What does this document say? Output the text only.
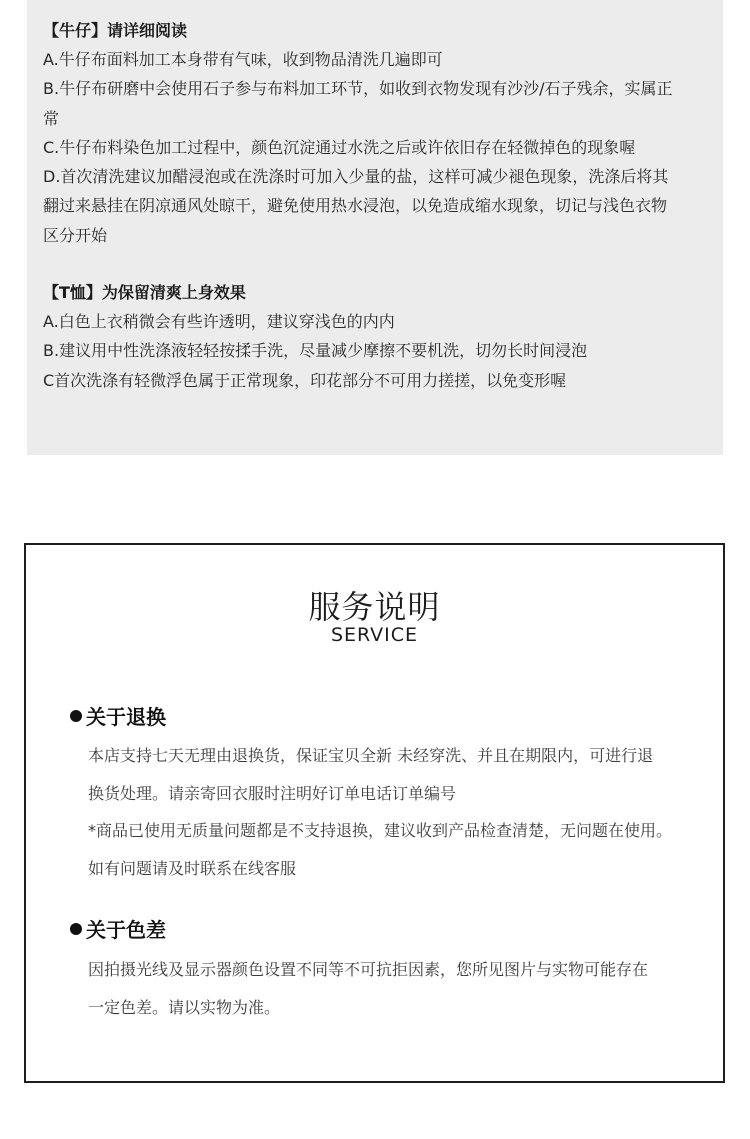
【牛仔】请详细阅读
A.牛仔布面料加工本身带有气味，收到物品清洗几遍即可
B.牛仔布研磨中会使用石子参与布料加工环节，如收到衣物发现有沙沙/石子残余，实属正
常
C.牛仔布料染色加工过程中，颜色沉淀通过水洗之后或许依旧存在轻微掉色的现象喔
D.首次清洗建议加醋浸泡或在洗涤时可加入少量的盐，这样可减少褪色现象，洗涤后将其
翻过来悬挂在阴凉通风处晾干，避免使用热水浸泡，以免造成缩水现象，切记与浅色衣物
区分开始
【T恤】为保留清爽上身效果
A.白色上衣稍微会有些许透明，建议穿浅色的内内
B.建议用中性洗涤液轻轻按揉手洗，尽量减少摩擦不要机洗，切勿长时间浸泡
C首次洗涤有轻微浮色属于正常现象，印花部分不可用力搓搓，以免变形喔
服务说明
SERVICE
关于退换
本店支持七天无理由退换货，保证宝贝全新 未经穿洗、并且在期限内，可进行退
换货处理。请亲寄回衣服时注明好订单电话订单编号
*商品已使用无质量问题都是不支持退换，建议收到产品检查清楚，无问题在使用。
如有问题请及时联系在线客服
关于色差
因拍摄光线及显示器颜色设置不同等不可抗拒因素，您所见图片与实物可能存在
一定色差。请以实物为准。
